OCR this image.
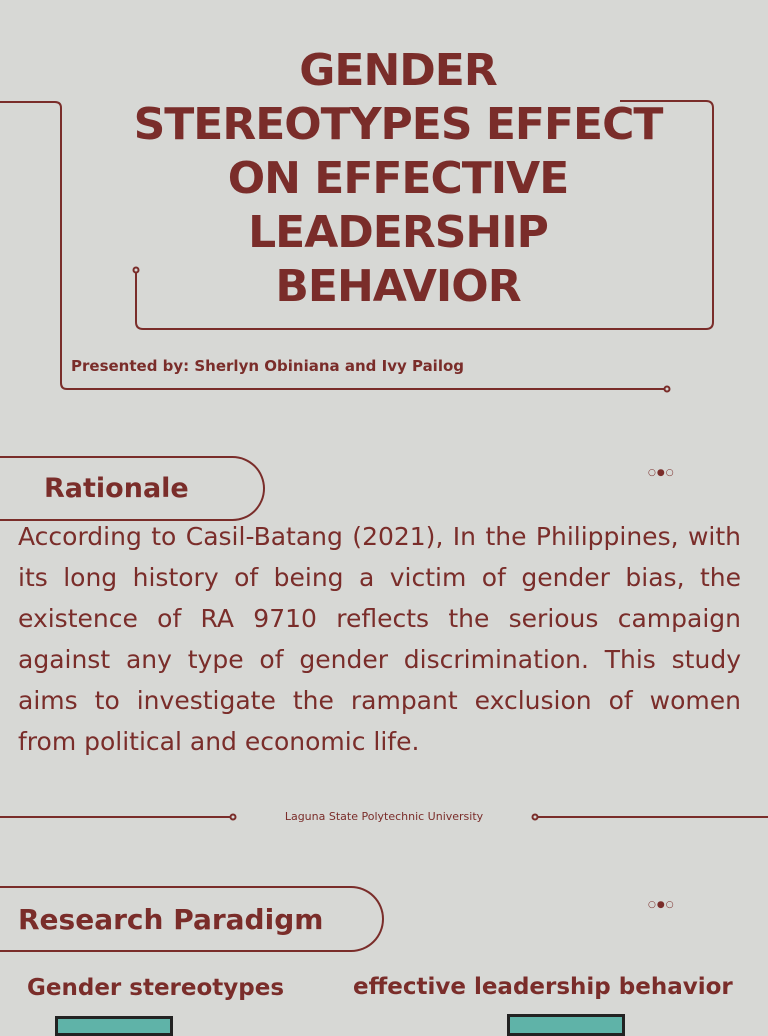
GENDER
STEREOTYPES EFFECT
ON EFFECTIVE
LEADERSHIP
BEHAVIOR
Presented by: Sherlyn Obiniana and Ivy Pailog
Rationale	○●○
According to Casil-Batang (2021), In the Philippines, with its long history of being a victim of gender bias, the existence of RA 9710 reflects the serious campaign against any type of gender discrimination. This study aims to investigate the rampant exclusion of women from political and economic life.
Laguna State Polytechnic University
Research Paradigm	○●○
Gender stereotypes	effective leadership behavior
